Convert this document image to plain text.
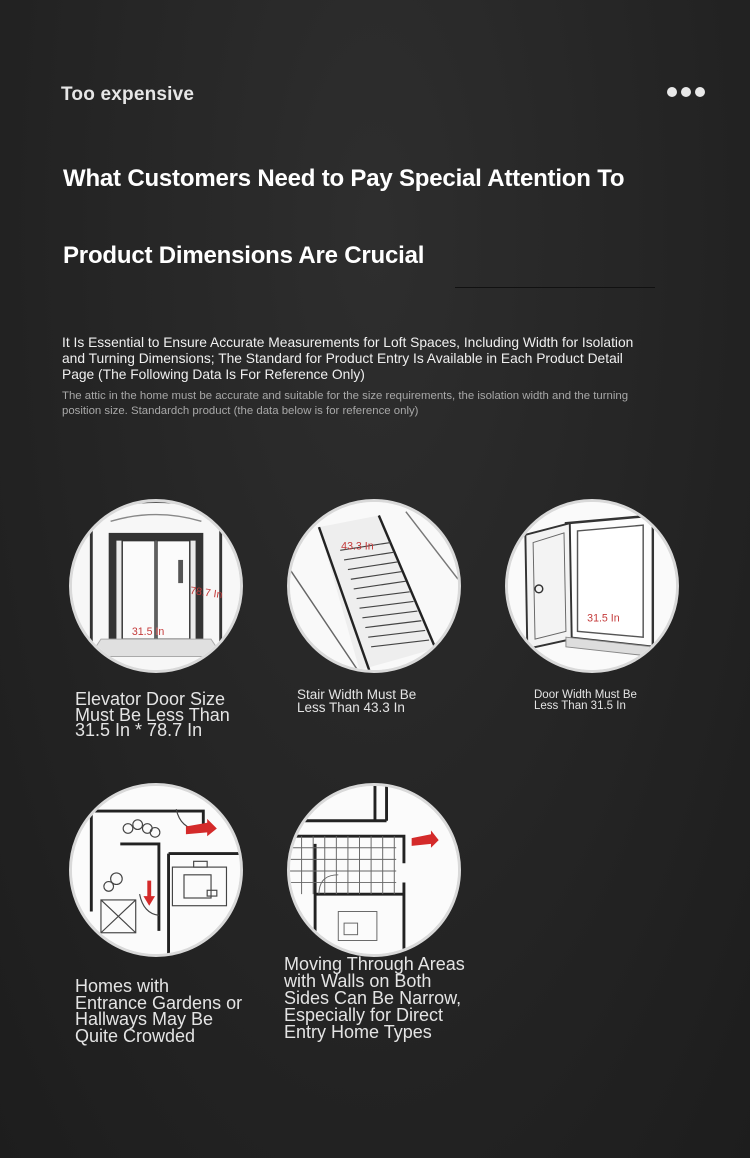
Too expensive
What Customers Need to Pay Special Attention To
Product Dimensions Are Crucial
It Is Essential to Ensure Accurate Measurements for Loft Spaces, Including Width for Isolation and Turning Dimensions; The Standard for Product Entry Is Available in Each Product Detail Page (The Following Data Is For Reference Only)
The attic in the home must be accurate and suitable for the size requirements, the isolation width and the turning position size. Standardch product (the data below is for reference only)
78.7 In
31.5 In
43.3 In
31.5 In
Elevator Door Size Must Be Less Than 31.5 In * 78.7 In
Stair Width Must Be Less Than 43.3 In
Door Width Must Be Less Than 31.5 In
Homes with Entrance Gardens or Hallways May Be Quite Crowded
Moving Through Areas with Walls on Both Sides Can Be Narrow, Especially for Direct Entry Home Types
